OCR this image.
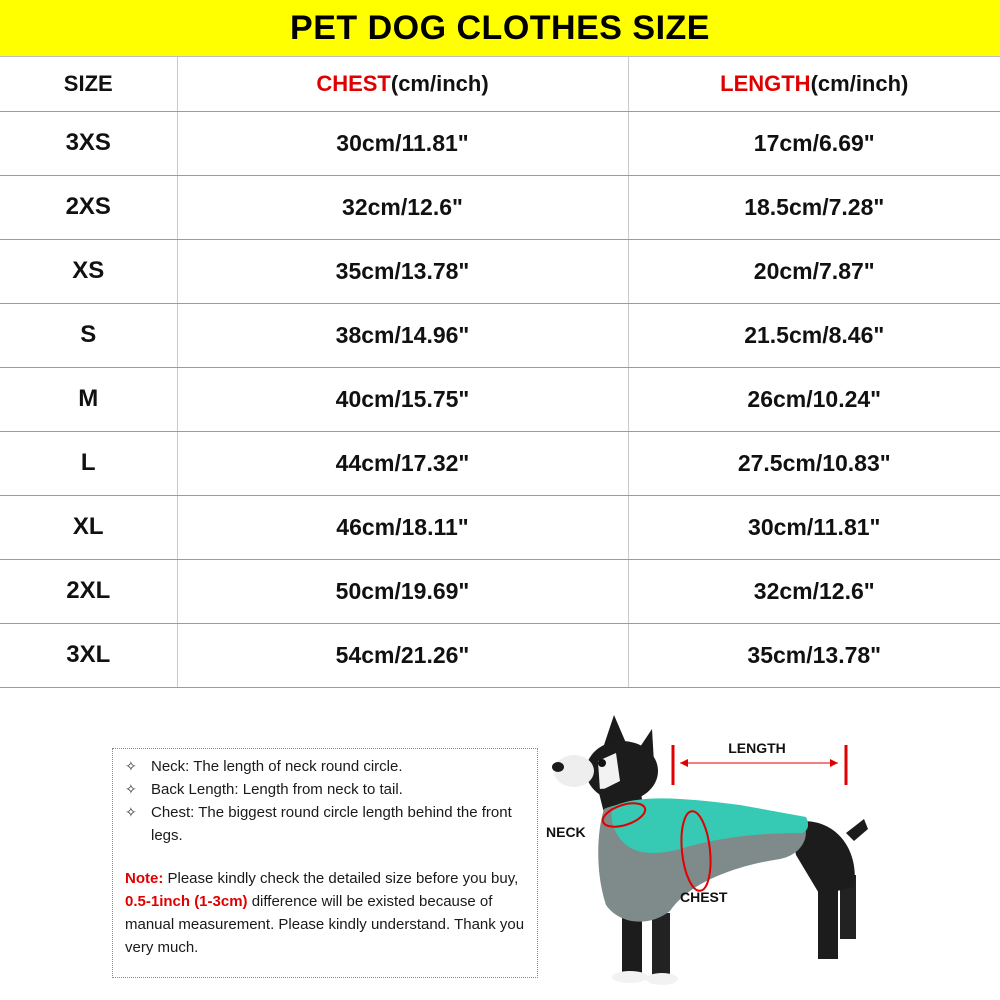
PET DOG CLOTHES SIZE
SIZE	CHEST(cm/inch)	LENGTH(cm/inch)
3XS	30cm/11.81"	17cm/6.69"
2XS	32cm/12.6"	18.5cm/7.28"
XS	35cm/13.78"	20cm/7.87"
S	38cm/14.96"	21.5cm/8.46"
M	40cm/15.75"	26cm/10.24"
L	44cm/17.32"	27.5cm/10.83"
XL	46cm/18.11"	30cm/11.81"
2XL	50cm/19.69"	32cm/12.6"
3XL	54cm/21.26"	35cm/13.78"
✧ Neck: The length of neck round circle.
✧ Back Length: Length from neck to tail.
✧ Chest: The biggest round circle length behind the front legs.

Note: Please kindly check the detailed size before you buy, 0.5-1inch (1-3cm) difference will be existed because of manual measurement. Please kindly understand. Thank you very much.

LENGTH
NECK
CHEST
